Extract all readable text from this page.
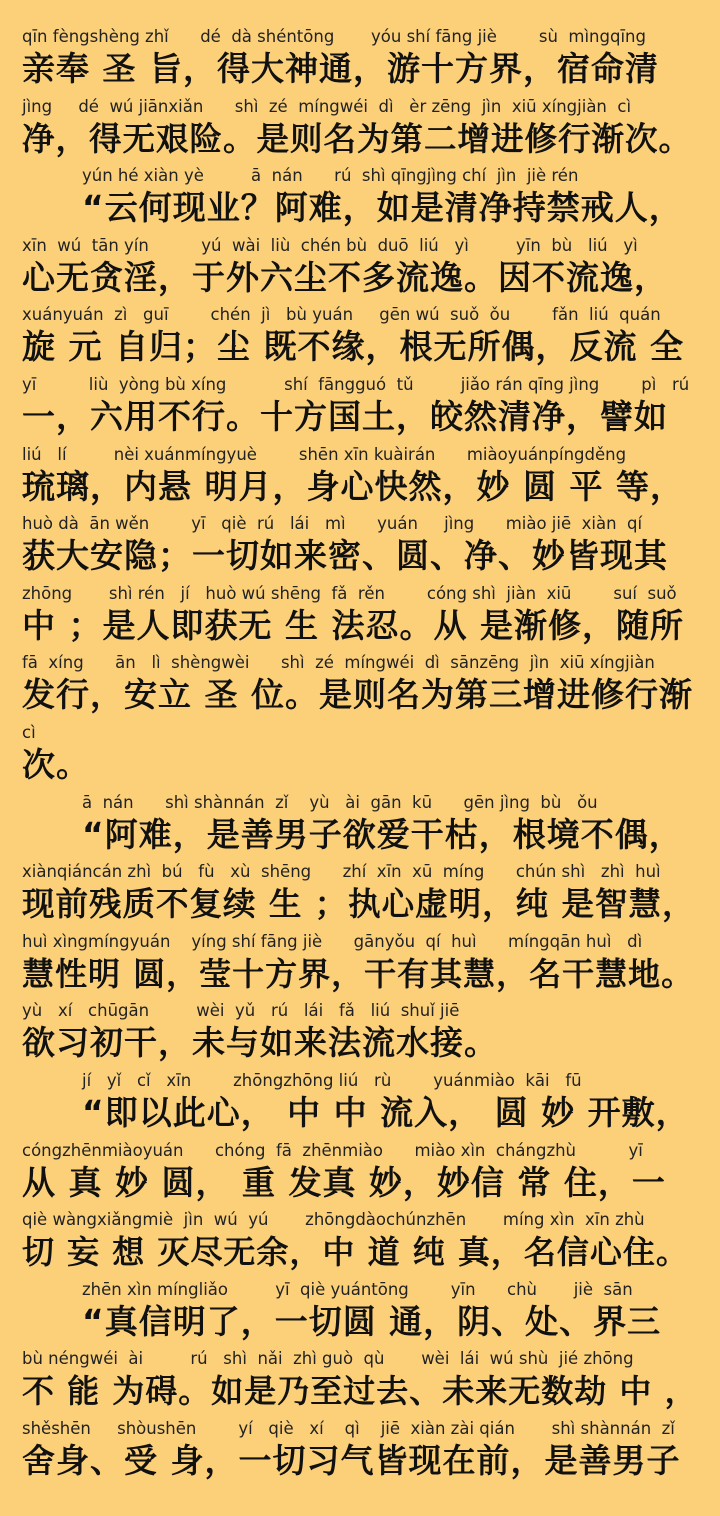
qīn fèngshèng zhǐ      dé  dà shéntōng       yóu shí fāng jiè        sù  mìngqīng
亲奉 圣 旨，得大神通，游十方界，宿命清
jìng     dé  wú jiānxiǎn      shì  zé  míngwéi  dì   èr zēng  jìn  xiū xíngjiàn  cì
净，得无艰险。是则名为第二增进修行渐次。
yún hé xiàn yè         ā  nán      rú  shì qīngjìng chí  jìn  jiè rén
“云何现业？阿难，如是清净持禁戒人，
xīn  wú  tān yín          yú  wài  liù  chén bù  duō  liú   yì         yīn  bù   liú   yì
心无贪淫，于外六尘不多流逸。因不流逸，
xuányuán  zì   guī        chén  jì   bù yuán     gēn wú  suǒ  ǒu        fǎn  liú  quán
旋 元 自归；尘 既不缘，根无所偶，反流 全
yī          liù  yòng bù xíng           shí  fāngguó  tǔ         jiǎo rán qīng jìng        pì   rú
一，六用不行。十方国土，皎然清净，譬如
liú   lí         nèi xuánmíngyuè        shēn xīn kuàirán      miàoyuánpíngděng
琉璃，内悬 明月，身心快然，妙 圆 平 等，
huò dà  ān wěn        yī   qiè  rú   lái   mì      yuán     jìng      miào jiē  xiàn  qí
获大安隐；一切如来密、圆、净、妙皆现其
zhōng       shì rén   jí   huò wú shēng  fǎ  rěn        cóng shì  jiàn  xiū        suí  suǒ
中 ；是人即获无 生 法忍。从 是渐修，随所
fā  xíng      ān   lì  shèngwèi      shì  zé  míngwéi  dì  sānzēng  jìn  xiū xíngjiàn
发行，安立 圣 位。是则名为第三增进修行渐
cì
次。
ā  nán      shì shànnán  zǐ    yù   ài  gān  kū      gēn jìng  bù   ǒu
“阿难，是善男子欲爱干枯，根境不偶，
xiànqiáncán zhì  bú   fù   xù  shēng      zhí  xīn  xū  míng      chún shì   zhì  huì
现前残质不复续 生 ；执心虚明，纯 是智慧，
huì xìngmíngyuán    yíng shí fāng jiè      gānyǒu  qí  huì      míngqān huì   dì
慧性明 圆，莹十方界，干有其慧，名干慧地。
yù   xí   chūgān         wèi  yǔ   rú   lái   fǎ   liú  shuǐ jiē
欲习初干，未与如来法流水接。
jí   yǐ   cǐ   xīn        zhōngzhōng liú   rù        yuánmiào  kāi   fū
“即以此心， 中 中 流入， 圆 妙 开敷，
cóngzhēnmiàoyuán      chóng  fā  zhēnmiào      miào xìn  chángzhù          yī
从 真 妙 圆， 重 发真 妙，妙信 常 住，一
qiè wàngxiǎngmiè  jìn  wú  yú       zhōngdàochúnzhēn       míng xìn  xīn zhù
切 妄 想 灭尽无余，中 道 纯 真，名信心住。
zhēn xìn míngliǎo         yī  qiè yuántōng        yīn      chù       jiè  sān
“真信明了，一切圆 通，阴、处、界三
bù néngwéi  ài         rú   shì  nǎi  zhì guò  qù       wèi  lái  wú shù  jié zhōng
不 能 为碍。如是乃至过去、未来无数劫 中 ，
shěshēn     shòushēn        yí   qiè   xí    qì    jiē  xiàn zài qián       shì shànnán  zǐ
舍身、受 身，一切习气皆现在前，是善男子
